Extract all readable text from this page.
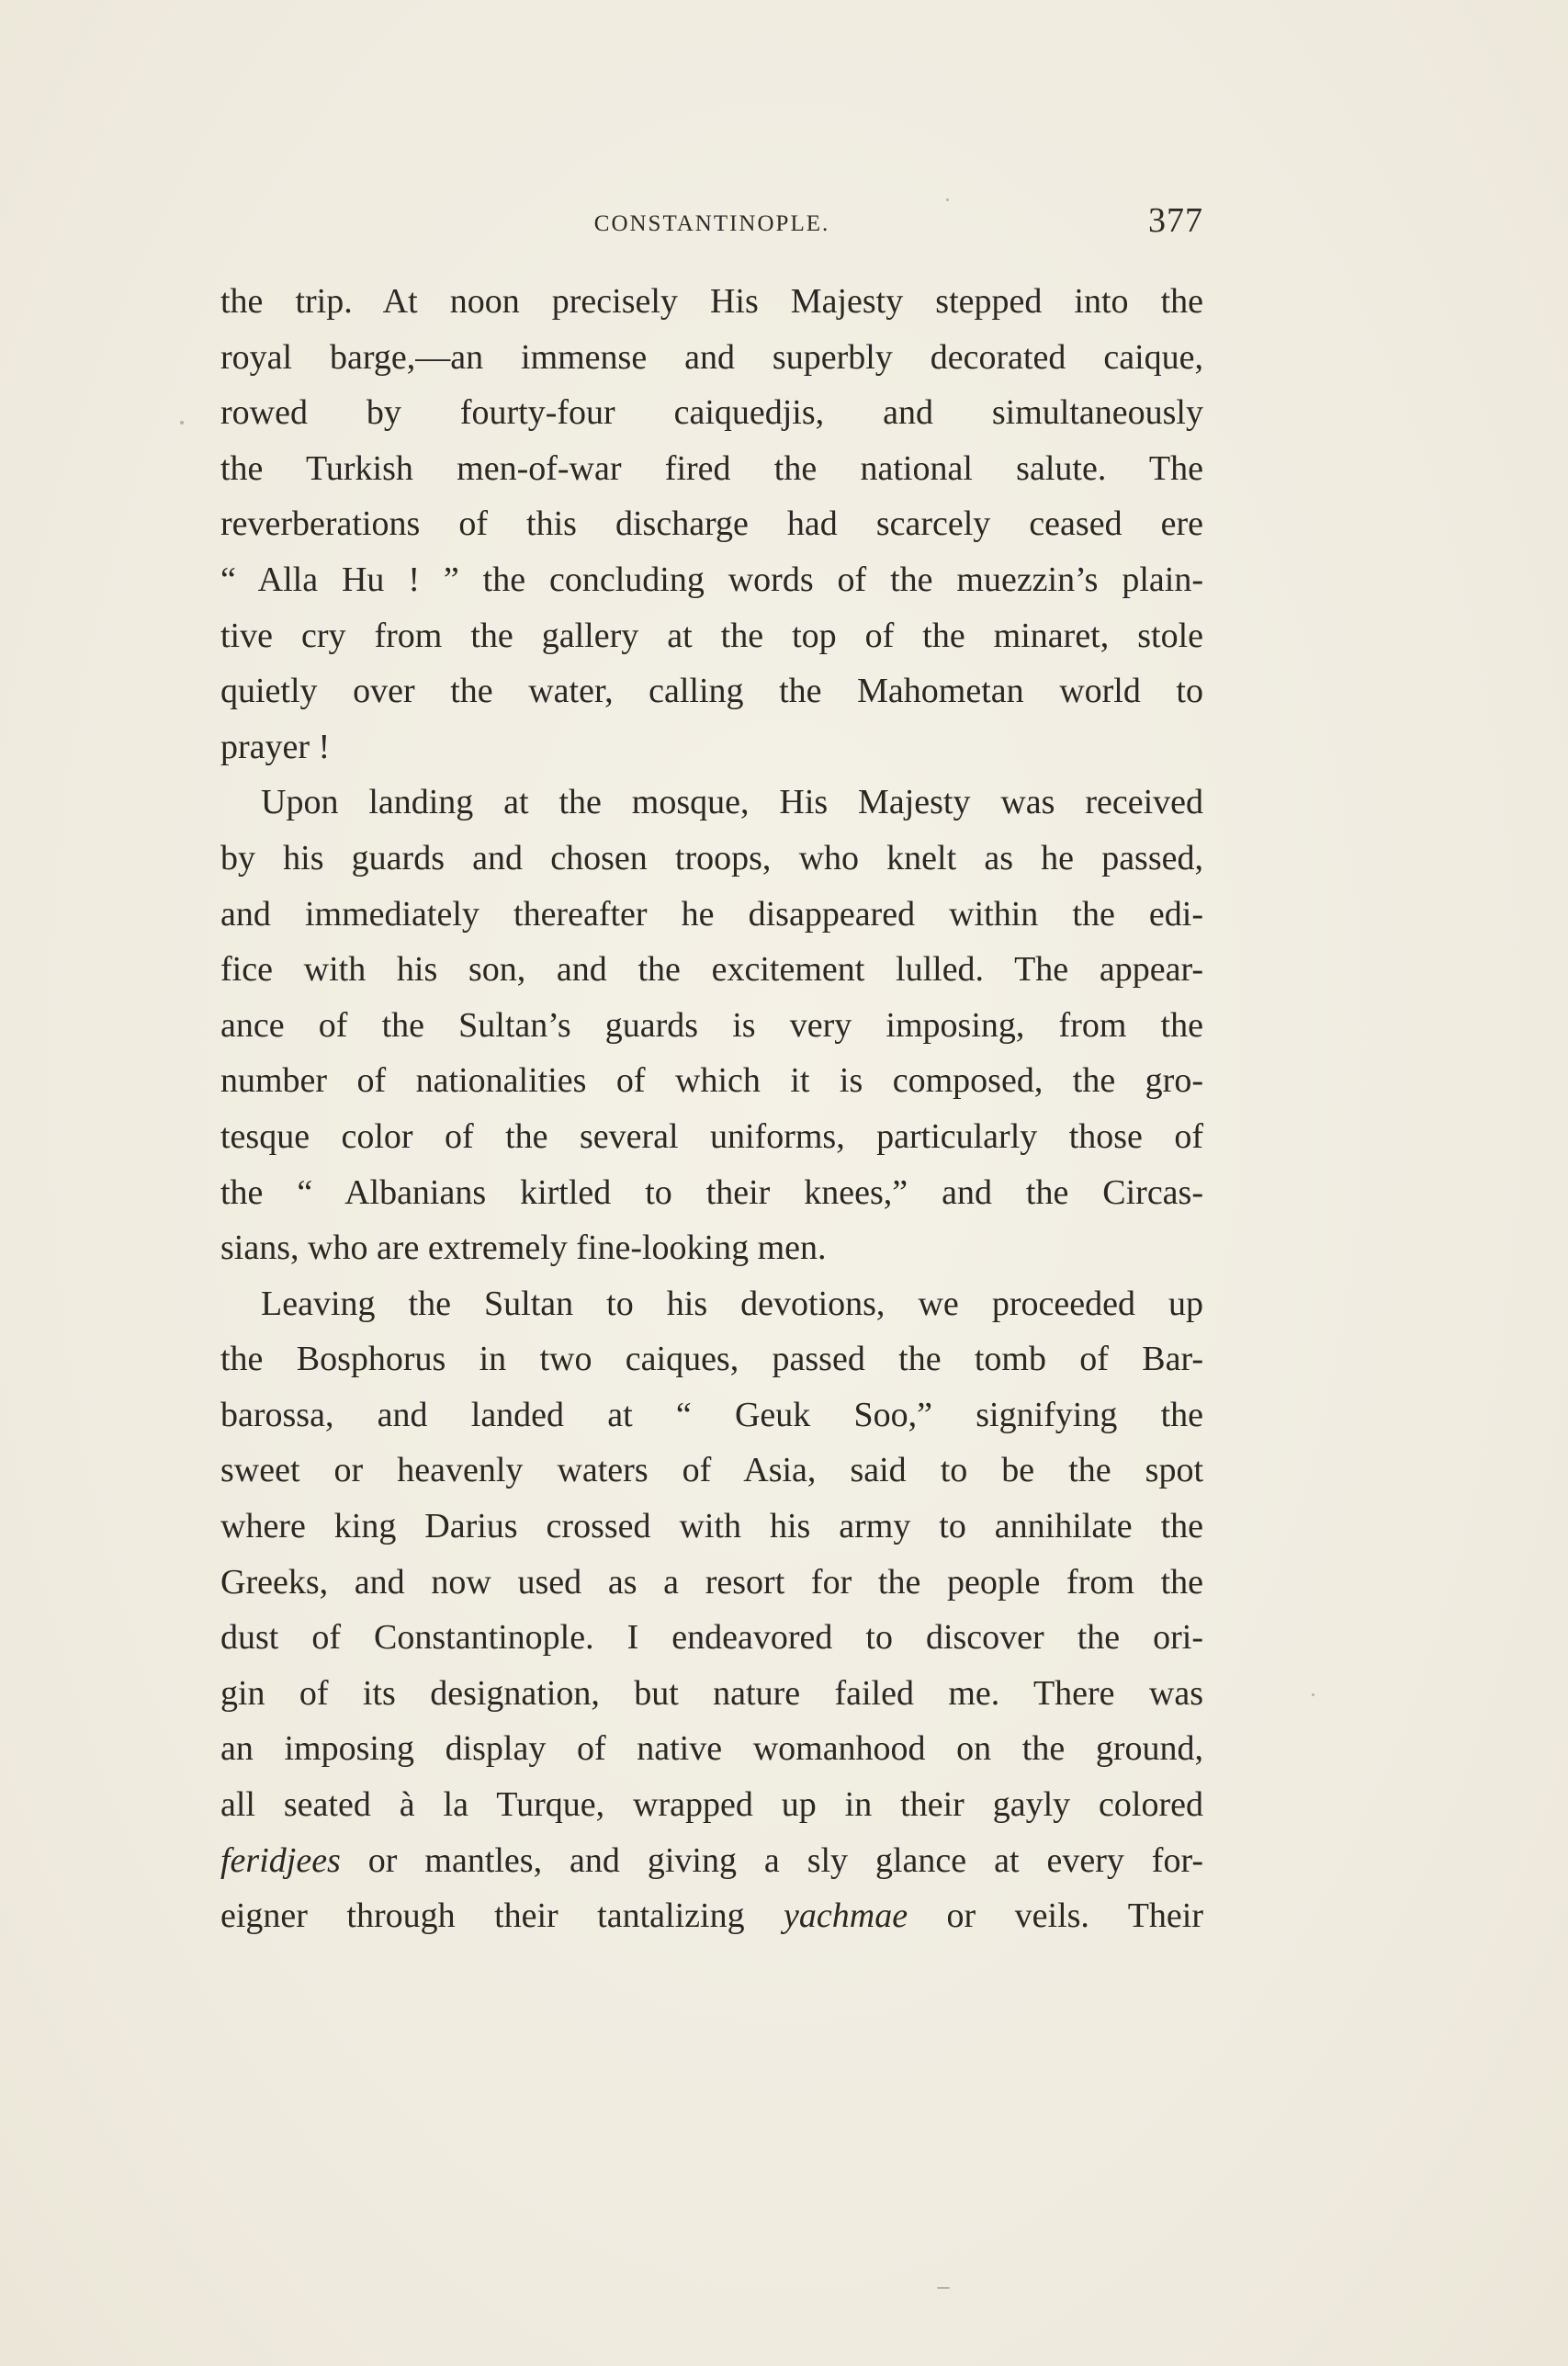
CONSTANTINOPLE.	377
the trip. At noon precisely His Majesty stepped into the
royal barge,—an immense and superbly decorated caique,
rowed by fourty-four caiquedjis, and simultaneously
the Turkish men-of-war fired the national salute. The
reverberations of this discharge had scarcely ceased ere
“ Alla Hu ! ” the concluding words of the muezzin’s plain-
tive cry from the gallery at the top of the minaret, stole
quietly over the water, calling the Mahometan world to
prayer !
Upon landing at the mosque, His Majesty was received
by his guards and chosen troops, who knelt as he passed,
and immediately thereafter he disappeared within the edi-
fice with his son, and the excitement lulled. The appear-
ance of the Sultan’s guards is very imposing, from the
number of nationalities of which it is composed, the gro-
tesque color of the several uniforms, particularly those of
the “ Albanians kirtled to their knees,” and the Circas-
sians, who are extremely fine-looking men.
Leaving the Sultan to his devotions, we proceeded up
the Bosphorus in two caiques, passed the tomb of Bar-
barossa, and landed at “ Geuk Soo,” signifying the
sweet or heavenly waters of Asia, said to be the spot
where king Darius crossed with his army to annihilate the
Greeks, and now used as a resort for the people from the
dust of Constantinople. I endeavored to discover the ori-
gin of its designation, but nature failed me. There was
an imposing display of native womanhood on the ground,
all seated à la Turque, wrapped up in their gayly colored
feridjees or mantles, and giving a sly glance at every for-
eigner through their tantalizing yachmae or veils. Their
